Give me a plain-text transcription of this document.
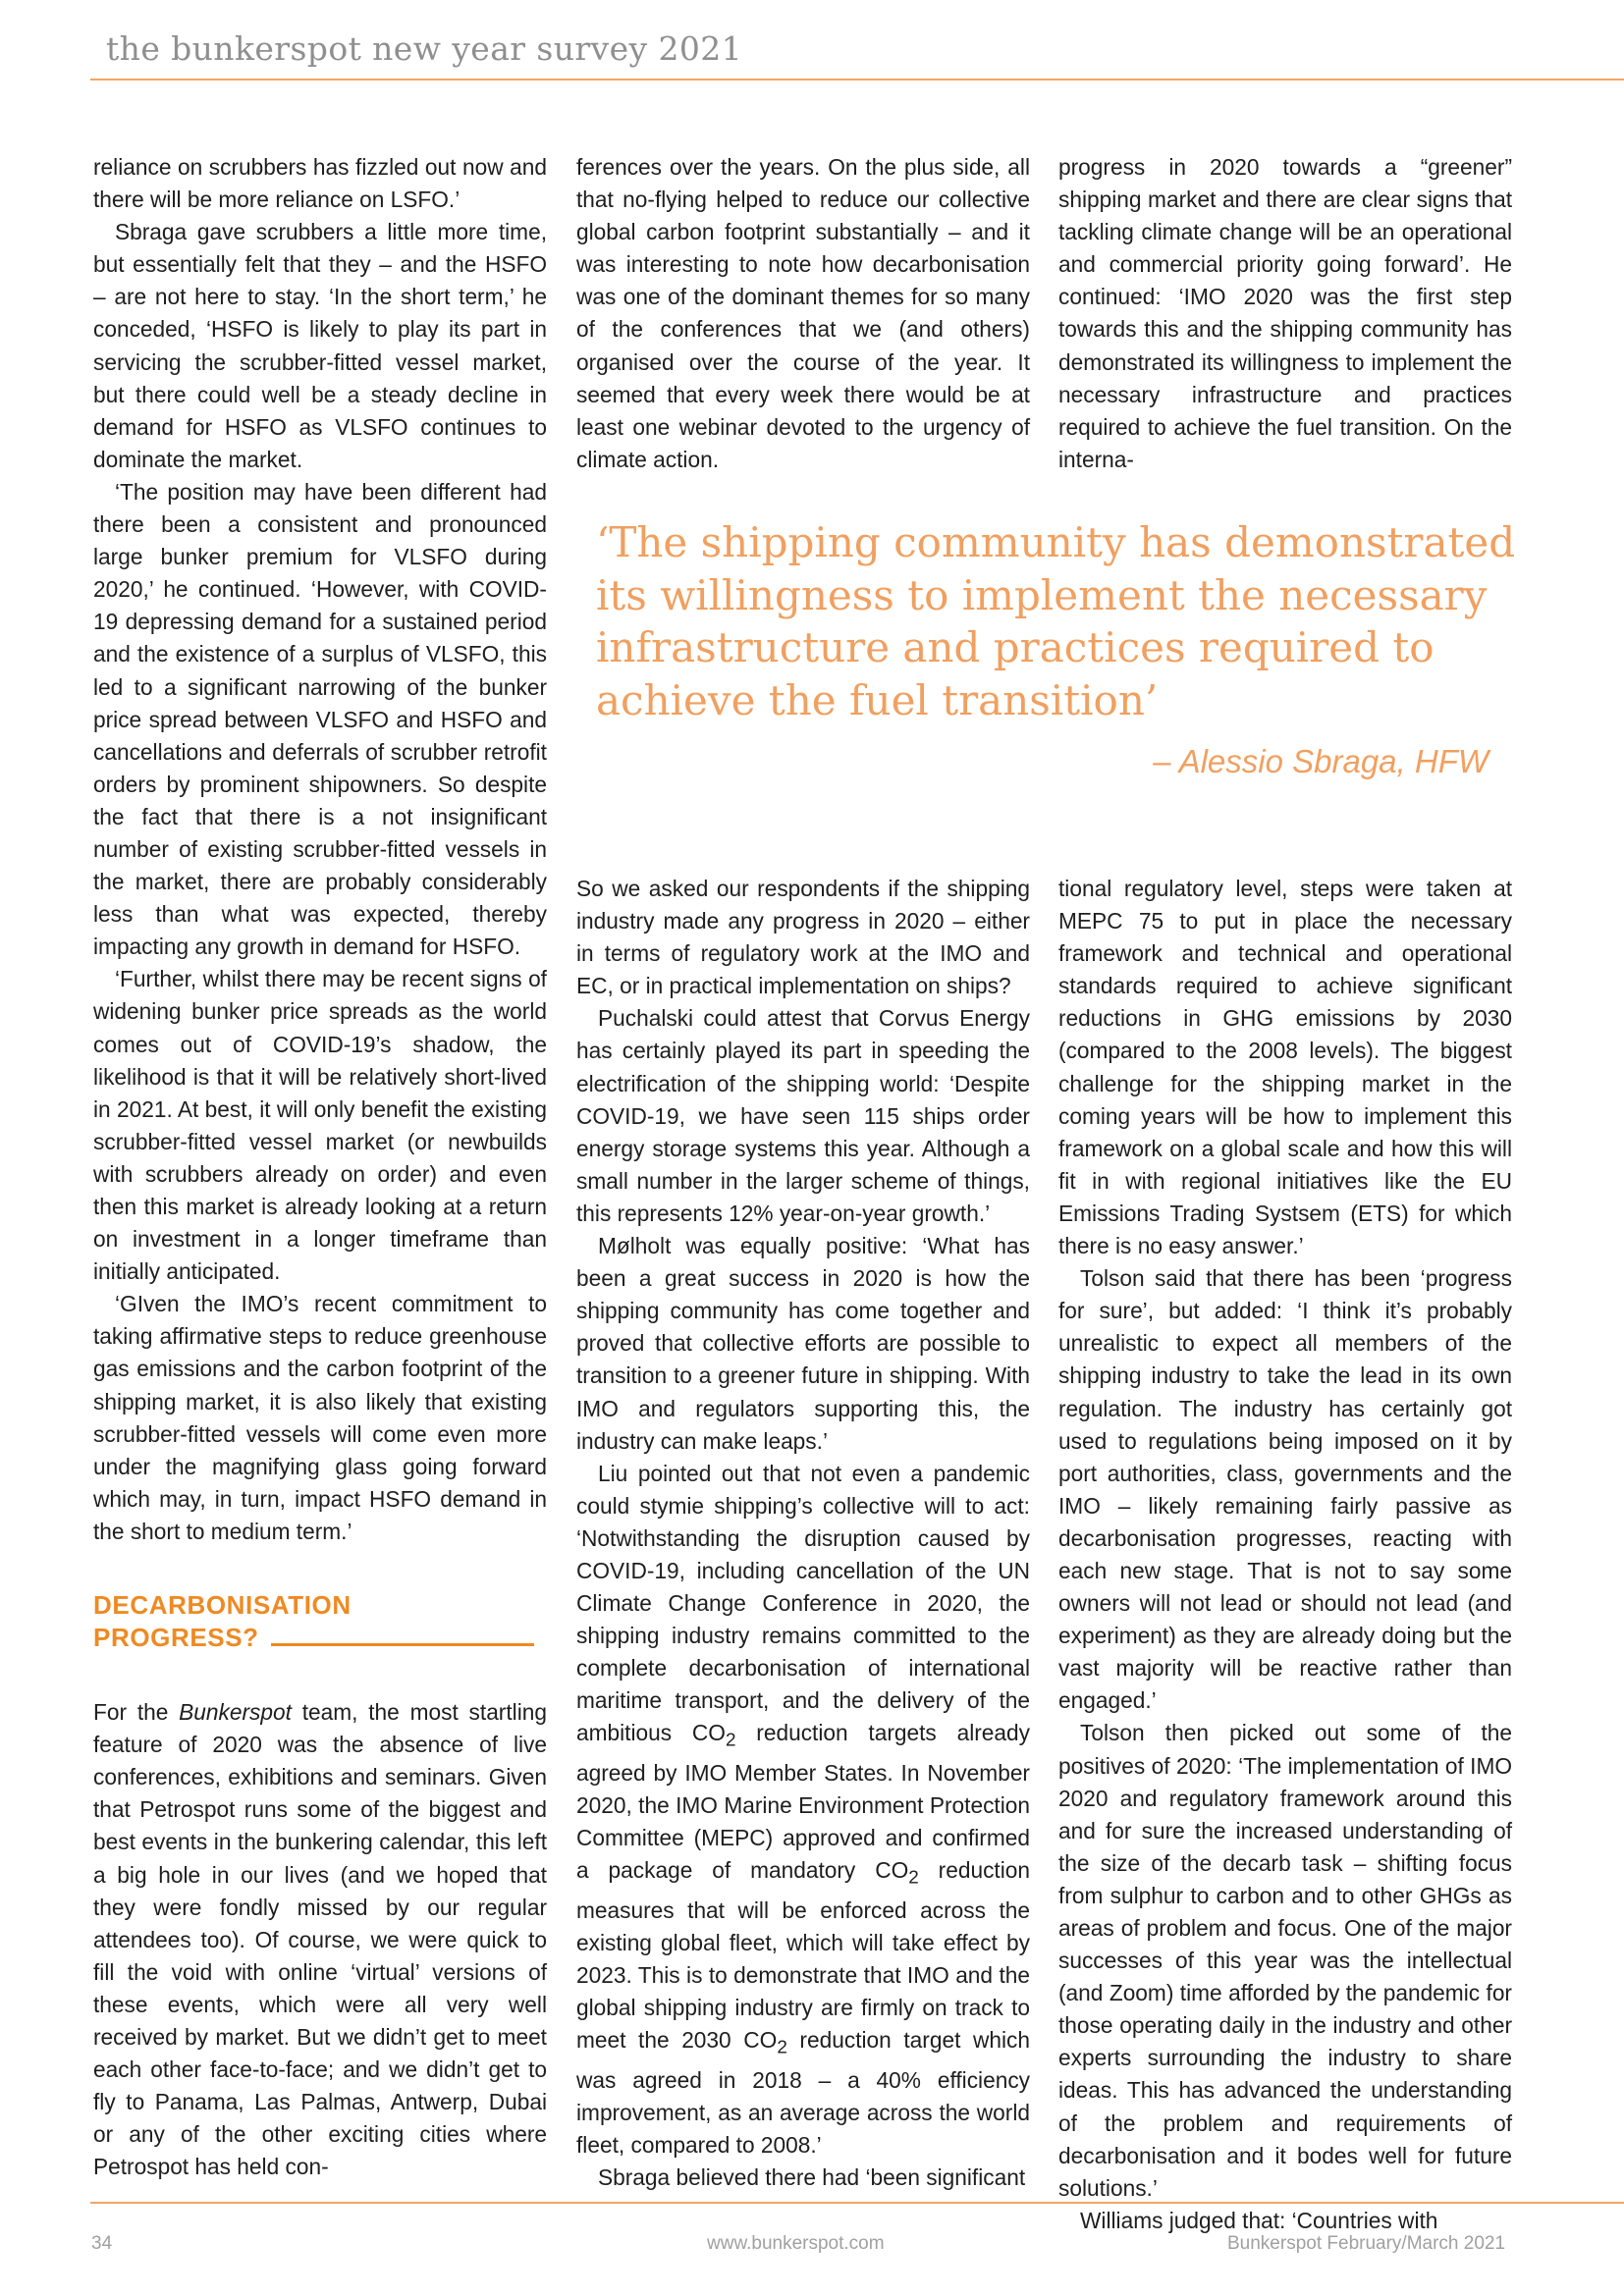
the bunkerspot new year survey 2021

reliance on scrubbers has fizzled out now and there will be more reliance on LSFO.’

Sbraga gave scrubbers a little more time, but essentially felt that they – and the HSFO – are not here to stay. ‘In the short term,’ he conceded, ‘HSFO is likely to play its part in servicing the scrubber-fitted vessel market, but there could well be a steady decline in demand for HSFO as VLSFO continues to dominate the market.

‘The position may have been different had there been a consistent and pronounced large bunker premium for VLSFO during 2020,’ he continued. ‘However, with COVID-19 depressing demand for a sustained period and the existence of a surplus of VLSFO, this led to a significant narrowing of the bunker price spread between VLSFO and HSFO and cancellations and deferrals of scrubber retrofit orders by prominent shipowners. So despite the fact that there is a not insignificant number of existing scrubber-fitted vessels in the market, there are probably considerably less than what was expected, thereby impacting any growth in demand for HSFO.

‘Further, whilst there may be recent signs of widening bunker price spreads as the world comes out of COVID-19’s shadow, the likelihood is that it will be relatively short-lived in 2021. At best, it will only benefit the existing scrubber-fitted vessel market (or newbuilds with scrubbers already on order) and even then this market is already looking at a return on investment in a longer timeframe than initially anticipated.

‘GIven the IMO’s recent commitment to taking affirmative steps to reduce greenhouse gas emissions and the carbon footprint of the shipping market, it is also likely that existing scrubber-fitted vessels will come even more under the magnifying glass going forward which may, in turn, impact HSFO demand in the short to medium term.’

DECARBONISATION
PROGRESS?

For the Bunkerspot team, the most startling feature of 2020 was the absence of live conferences, exhibitions and seminars. Given that Petrospot runs some of the biggest and best events in the bunkering calendar, this left a big hole in our lives (and we hoped that they were fondly missed by our regular attendees too). Of course, we were quick to fill the void with online ‘virtual’ versions of these events, which were all very well received by market. But we didn’t get to meet each other face-to-face; and we didn’t get to fly to Panama, Las Palmas, Antwerp, Dubai or any of the other exciting cities where Petrospot has held con-

ferences over the years. On the plus side, all that no-flying helped to reduce our collective global carbon footprint substantially – and it was interesting to note how decarbonisation was one of the dominant themes for so many of the conferences that we (and others) organised over the course of the year. It seemed that every week there would be at least one webinar devoted to the urgency of climate action.

progress in 2020 towards a “greener” shipping market and there are clear signs that tackling climate change will be an operational and commercial priority going forward’. He continued: ‘IMO 2020 was the first step towards this and the shipping community has demonstrated its willingness to implement the necessary infrastructure and practices required to achieve the fuel transition. On the interna-

‘The shipping community has demonstrated its willingness to implement the necessary infrastructure and practices required to achieve the fuel transition’
– Alessio Sbraga, HFW

So we asked our respondents if the shipping industry made any progress in 2020 – either in terms of regulatory work at the IMO and EC, or in practical implementation on ships?

Puchalski could attest that Corvus Energy has certainly played its part in speeding the electrification of the shipping world: ‘Despite COVID-19, we have seen 115 ships order energy storage systems this year. Although a small number in the larger scheme of things, this represents 12% year-on-year growth.’

Mølholt was equally positive: ‘What has been a great success in 2020 is how the shipping community has come together and proved that collective efforts are possible to transition to a greener future in shipping. With IMO and regulators supporting this, the industry can make leaps.’

Liu pointed out that not even a pandemic could stymie shipping’s collective will to act: ‘Notwithstanding the disruption caused by COVID-19, including cancellation of the UN Climate Change Conference in 2020, the shipping industry remains committed to the complete decarbonisation of international maritime transport, and the delivery of the ambitious $CO_2$ reduction targets already agreed by IMO Member States. In November 2020, the IMO Marine Environment Protection Committee (MEPC) approved and confirmed a package of mandatory $CO_2$ reduction measures that will be enforced across the existing global fleet, which will take effect by 2023. This is to demonstrate that IMO and the global shipping industry are firmly on track to meet the 2030 $CO_2$ reduction target which was agreed in 2018 – a 40% efficiency improvement, as an average across the world fleet, compared to 2008.’

Sbraga believed there had ‘been significant

tional regulatory level, steps were taken at MEPC 75 to put in place the necessary framework and technical and operational standards required to achieve significant reductions in GHG emissions by 2030 (compared to the 2008 levels). The biggest challenge for the shipping market in the coming years will be how to implement this framework on a global scale and how this will fit in with regional initiatives like the EU Emissions Trading Systsem (ETS) for which there is no easy answer.’

Tolson said that there has been ‘progress for sure’, but added: ‘I think it’s probably unrealistic to expect all members of the shipping industry to take the lead in its own regulation. The industry has certainly got used to regulations being imposed on it by port authorities, class, governments and the IMO – likely remaining fairly passive as decarbonisation progresses, reacting with each new stage. That is not to say some owners will not lead or should not lead (and experiment) as they are already doing but the vast majority will be reactive rather than engaged.’

Tolson then picked out some of the positives of 2020: ‘The implementation of IMO 2020 and regulatory framework around this and for sure the increased understanding of the size of the decarb task – shifting focus from sulphur to carbon and to other GHGs as areas of problem and focus. One of the major successes of this year was the intellectual (and Zoom) time afforded by the pandemic for those operating daily in the industry and other experts surrounding the industry to share ideas. This has advanced the understanding of the problem and requirements of decarbonisation and it bodes well for future solutions.’

Williams judged that: ‘Countries with

34	www.bunkerspot.com	Bunkerspot February/March 2021
